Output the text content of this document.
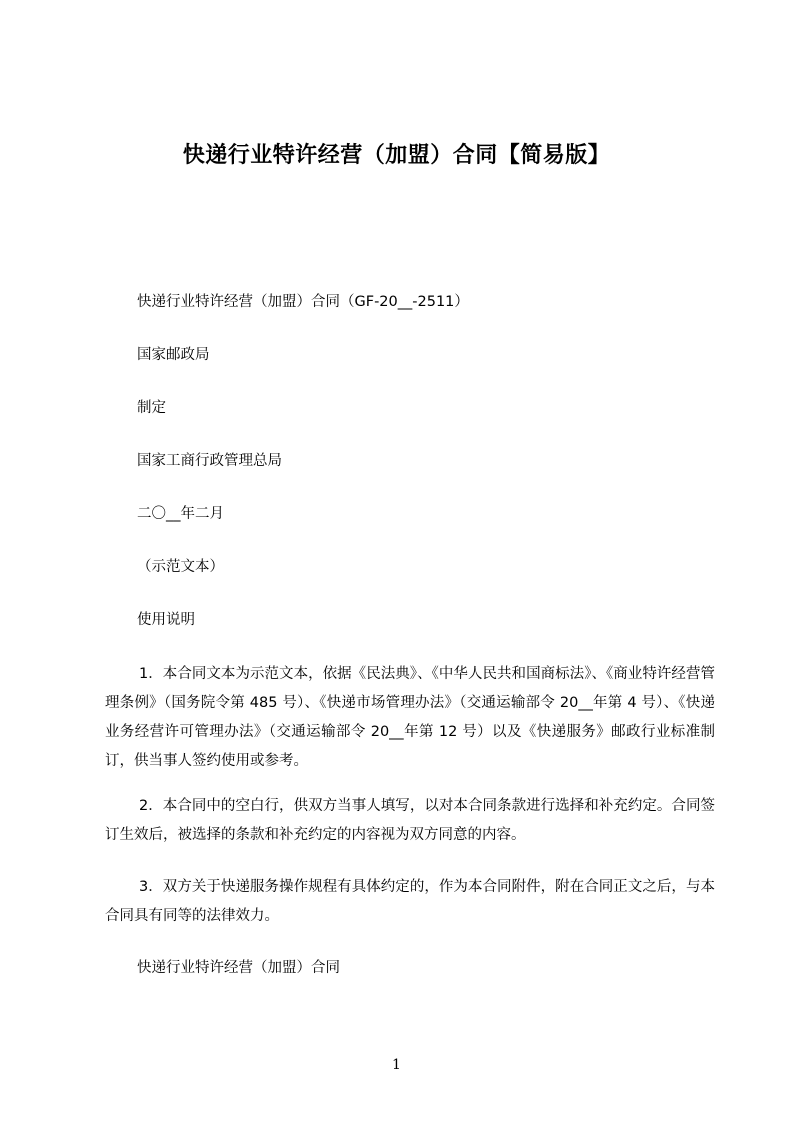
快递行业特许经营（加盟）合同【简易版】
快递行业特许经营（加盟）合同（GF-20__-2511）
国家邮政局
制定
国家工商行政管理总局
二〇__年二月
（示范文本）
使用说明
1．本合同文本为示范文本，依据《民法典》、《中华人民共和国商标法》、《商业特许经营管理条例》（国务院令第 485 号）、《快递市场管理办法》（交通运输部令 20__年第 4 号）、《快递业务经营许可管理办法》（交通运输部令 20__年第 12 号）以及《快递服务》邮政行业标准制订，供当事人签约使用或参考。
2．本合同中的空白行，供双方当事人填写，以对本合同条款进行选择和补充约定。合同签订生效后，被选择的条款和补充约定的内容视为双方同意的内容。
3．双方关于快递服务操作规程有具体约定的，作为本合同附件，附在合同正文之后，与本合同具有同等的法律效力。
快递行业特许经营（加盟）合同
1
